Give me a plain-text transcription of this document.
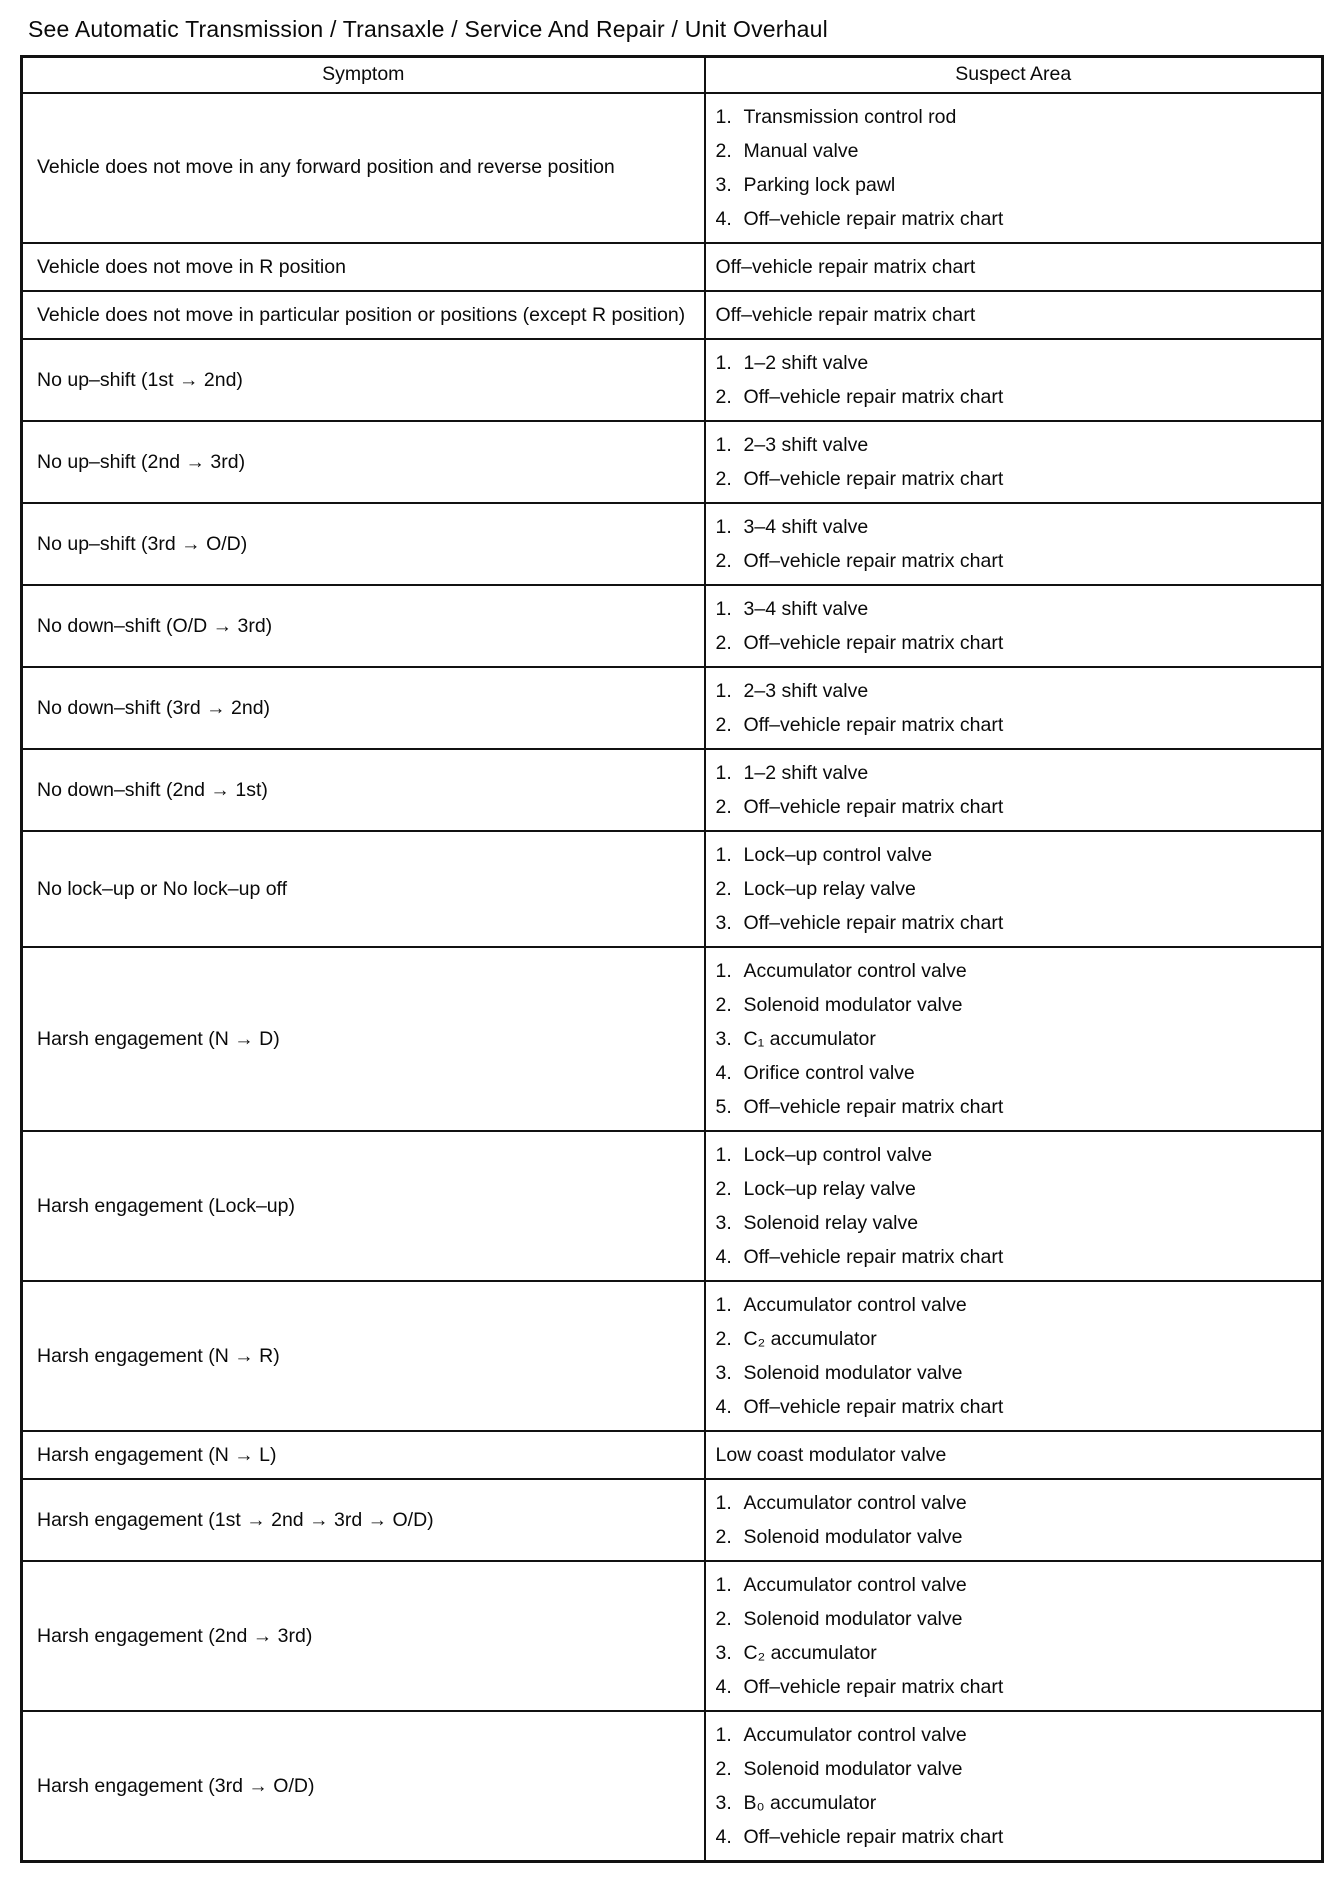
See Automatic Transmission / Transaxle / Service And Repair / Unit Overhaul
Symptom	Suspect Area
Vehicle does not move in any forward position and reverse position	1. Transmission control rod
2. Manual valve
3. Parking lock pawl
4. Off–vehicle repair matrix chart

Vehicle does not move in R position	Off–vehicle repair matrix chart

Vehicle does not move in particular position or positions (except R position)	Off–vehicle repair matrix chart

No up–shift (1st → 2nd)	1. 1–2 shift valve
2. Off–vehicle repair matrix chart

No up–shift (2nd → 3rd)	1. 2–3 shift valve
2. Off–vehicle repair matrix chart

No up–shift (3rd → O/D)	1. 3–4 shift valve
2. Off–vehicle repair matrix chart

No down–shift (O/D → 3rd)	1. 3–4 shift valve
2. Off–vehicle repair matrix chart

No down–shift (3rd → 2nd)	1. 2–3 shift valve
2. Off–vehicle repair matrix chart

No down–shift (2nd → 1st)	1. 1–2 shift valve
2. Off–vehicle repair matrix chart

No lock–up or No lock–up off	1. Lock–up control valve
2. Lock–up relay valve
3. Off–vehicle repair matrix chart

Harsh engagement (N → D)	1. Accumulator control valve
2. Solenoid modulator valve
3. C₁ accumulator
4. Orifice control valve
5. Off–vehicle repair matrix chart

Harsh engagement (Lock–up)	1. Lock–up control valve
2. Lock–up relay valve
3. Solenoid relay valve
4. Off–vehicle repair matrix chart

Harsh engagement (N → R)	1. Accumulator control valve
2. C₂ accumulator
3. Solenoid modulator valve
4. Off–vehicle repair matrix chart

Harsh engagement (N → L)	Low coast modulator valve

Harsh engagement (1st → 2nd → 3rd → O/D)	1. Accumulator control valve
2. Solenoid modulator valve

Harsh engagement (2nd → 3rd)	1. Accumulator control valve
2. Solenoid modulator valve
3. C₂ accumulator
4. Off–vehicle repair matrix chart

Harsh engagement (3rd → O/D)	1. Accumulator control valve
2. Solenoid modulator valve
3. B₀ accumulator
4. Off–vehicle repair matrix chart
